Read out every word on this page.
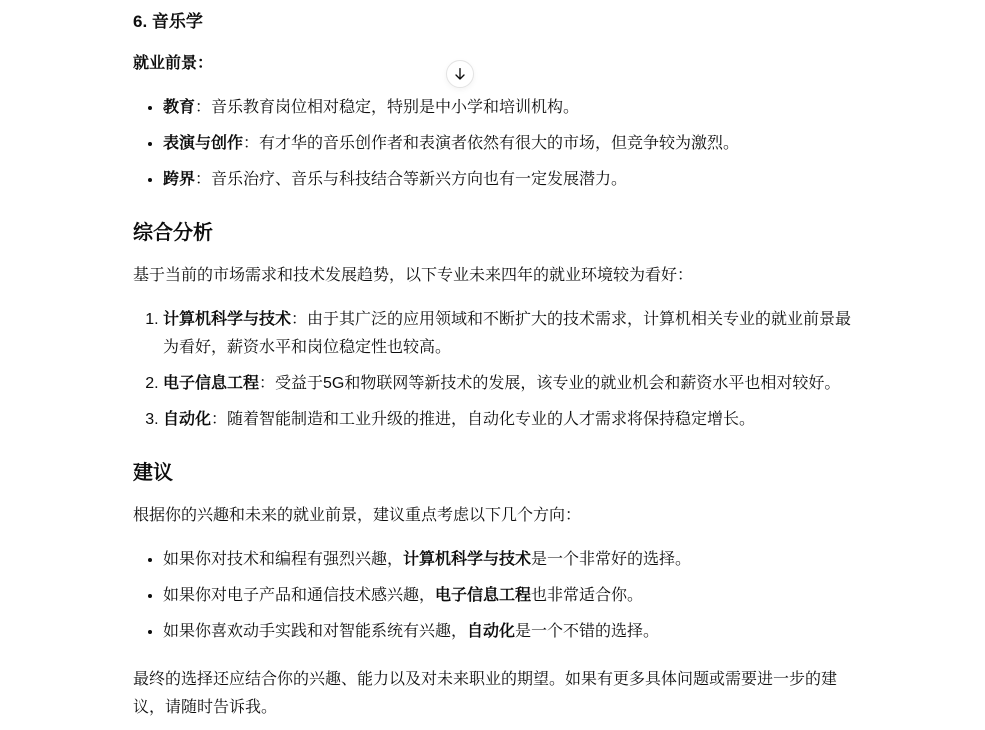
6. 音乐学

就业前景：

• 教育：音乐教育岗位相对稳定，特别是中小学和培训机构。
• 表演与创作：有才华的音乐创作者和表演者依然有很大的市场，但竞争较为激烈。
• 跨界：音乐治疗、音乐与科技结合等新兴方向也有一定发展潜力。
综合分析

基于当前的市场需求和技术发展趋势，以下专业未来四年的就业环境较为看好：

1. 计算机科学与技术：由于其广泛的应用领域和不断扩大的技术需求，计算机相关专业的就业前景最为看好，薪资水平和岗位稳定性也较高。
2. 电子信息工程：受益于5G和物联网等新技术的发展，该专业的就业机会和薪资水平也相对较好。
3. 自动化：随着智能制造和工业升级的推进，自动化专业的人才需求将保持稳定增长。
建议

根据你的兴趣和未来的就业前景，建议重点考虑以下几个方向：

• 如果你对技术和编程有强烈兴趣，计算机科学与技术是一个非常好的选择。
• 如果你对电子产品和通信技术感兴趣，电子信息工程也非常适合你。
• 如果你喜欢动手实践和对智能系统有兴趣，自动化是一个不错的选择。

最终的选择还应结合你的兴趣、能力以及对未来职业的期望。如果有更多具体问题或需要进一步的建议，请随时告诉我。
